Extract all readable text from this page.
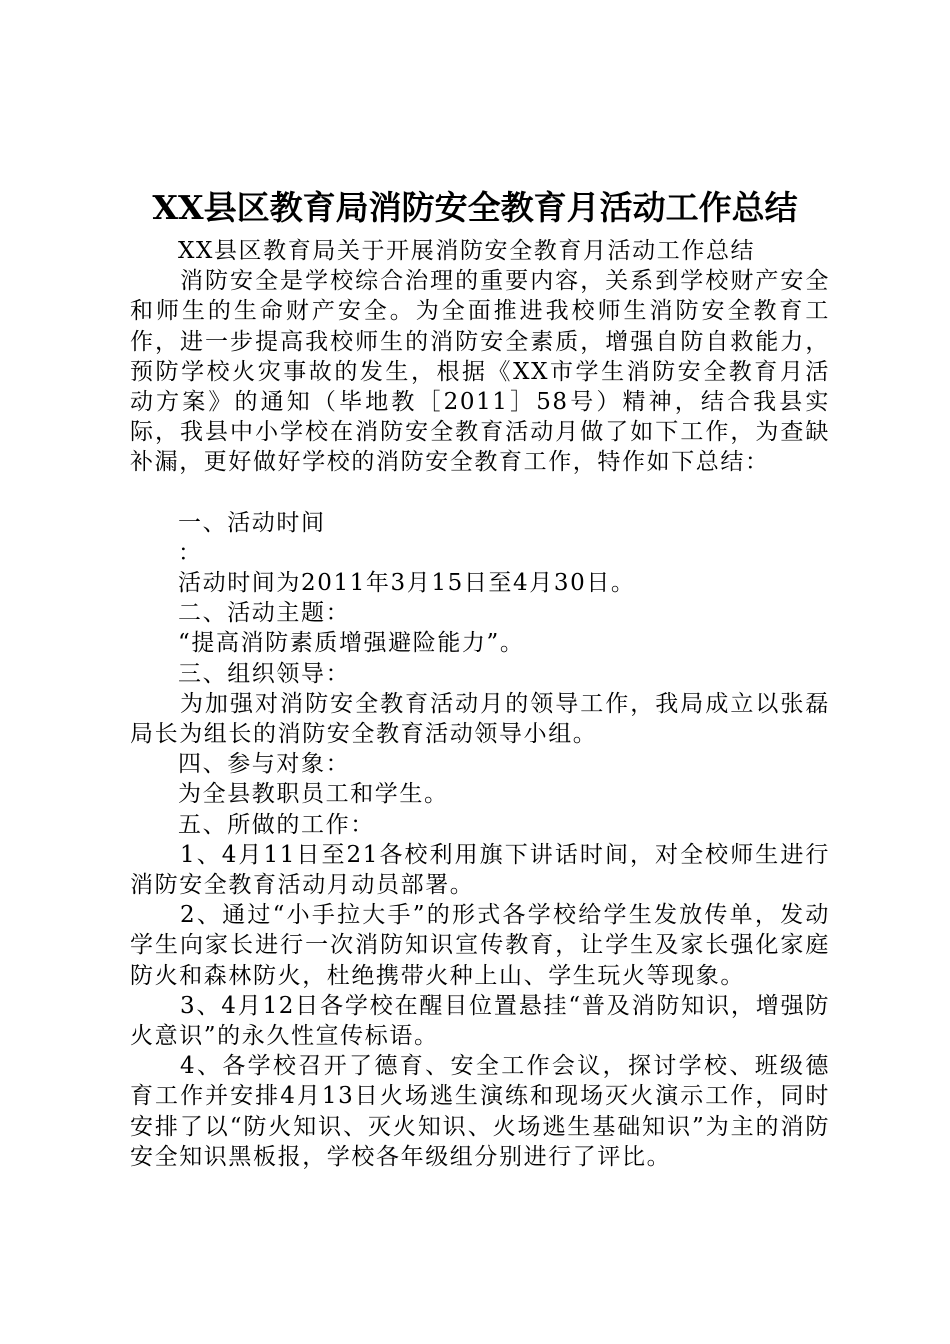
XX县区教育局消防安全教育月活动工作总结

XX县区教育局关于开展消防安全教育月活动工作总结

消防安全是学校综合治理的重要内容，关系到学校财产安全和师生的生命财产安全。为全面推进我校师生消防安全教育工作，进一步提高我校师生的消防安全素质，增强自防自救能力，预防学校火灾事故的发生，根据《XX市学生消防安全教育月活动方案》的通知（毕地教［2011］58号）精神，结合我县实际，我县中小学校在消防安全教育活动月做了如下工作，为查缺补漏，更好做好学校的消防安全教育工作，特作如下总结：

一、活动时间

：

活动时间为2011年3月15日至4月30日。

二、活动主题：

“提高消防素质增强避险能力”。

三、组织领导：

为加强对消防安全教育活动月的领导工作，我局成立以张磊局长为组长的消防安全教育活动领导小组。

四、参与对象：

为全县教职员工和学生。

五、所做的工作：

1、4月11日至21各校利用旗下讲话时间，对全校师生进行消防安全教育活动月动员部署。

2、通过“小手拉大手”的形式各学校给学生发放传单，发动学生向家长进行一次消防知识宣传教育，让学生及家长强化家庭防火和森林防火，杜绝携带火种上山、学生玩火等现象。

3、4月12日各学校在醒目位置悬挂“普及消防知识，增强防火意识”的永久性宣传标语。

4、各学校召开了德育、安全工作会议，探讨学校、班级德育工作并安排4月13日火场逃生演练和现场灭火演示工作，同时安排了以“防火知识、灭火知识、火场逃生基础知识”为主的消防安全知识黑板报，学校各年级组分别进行了评比。
